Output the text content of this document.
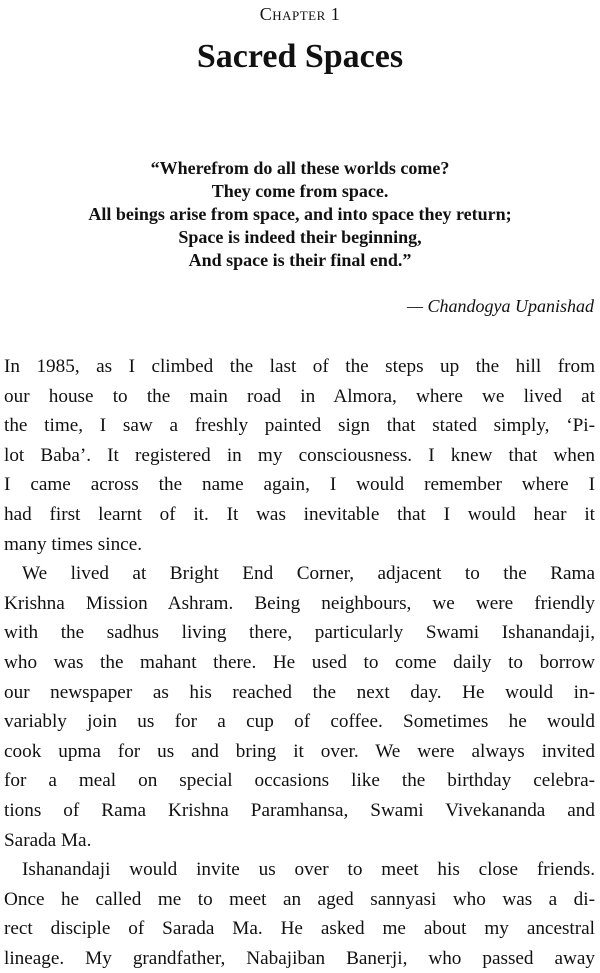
Chapter 1
Sacred Spaces
“Wherefrom do all these worlds come?
They come from space.
All beings arise from space, and into space they return;
Space is indeed their beginning,
And space is their final end.”
— Chandogya Upanishad

In 1985, as I climbed the last of the steps up the hill from
our house to the main road in Almora, where we lived at
the time, I saw a freshly painted sign that stated simply, ‘Pi-
lot Baba’. It registered in my consciousness. I knew that when
I came across the name again, I would remember where I
had first learnt of it. It was inevitable that I would hear it
many times since.

We lived at Bright End Corner, adjacent to the Rama
Krishna Mission Ashram. Being neighbours, we were friendly
with the sadhus living there, particularly Swami Ishanandaji,
who was the mahant there. He used to come daily to borrow
our newspaper as his reached the next day. He would in-
variably join us for a cup of coffee. Sometimes he would
cook upma for us and bring it over. We were always invited
for a meal on special occasions like the birthday celebra-
tions of Rama Krishna Paramhansa, Swami Vivekananda and
Sarada Ma.

Ishanandaji would invite us over to meet his close friends.
Once he called me to meet an aged sannyasi who was a di-
rect disciple of Sarada Ma. He asked me about my ancestral
lineage. My grandfather, Nabajiban Banerji, who passed away
